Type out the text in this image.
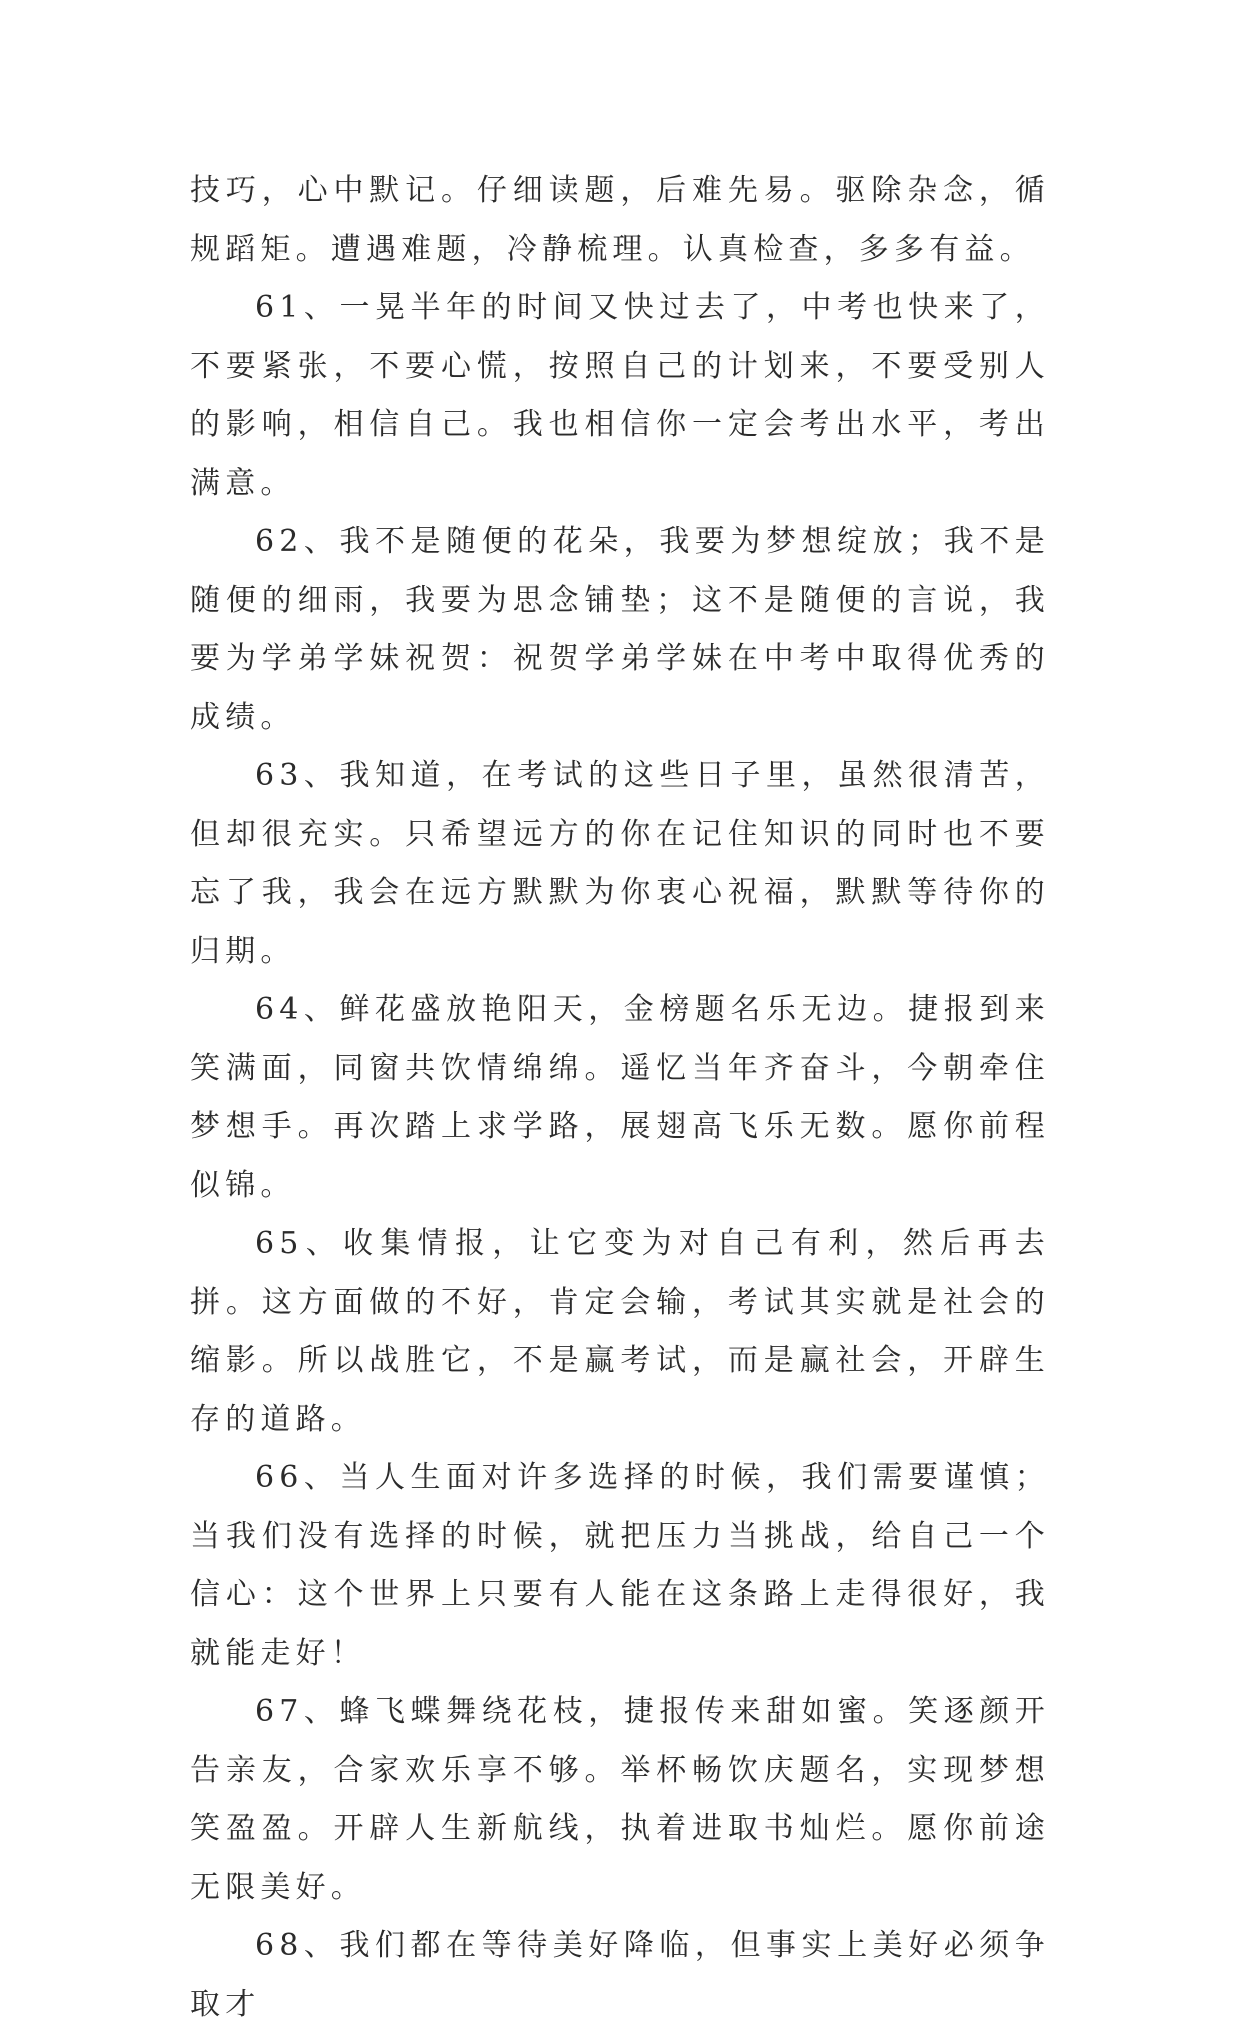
技巧，心中默记。仔细读题，后难先易。驱除杂念，循规蹈矩。遭遇难题，冷静梳理。认真检查，多多有益。

61、一晃半年的时间又快过去了，中考也快来了，不要紧张，不要心慌，按照自己的计划来，不要受别人的影响，相信自己。我也相信你一定会考出水平，考出满意。

62、我不是随便的花朵，我要为梦想绽放；我不是随便的细雨，我要为思念铺垫；这不是随便的言说，我要为学弟学妹祝贺：祝贺学弟学妹在中考中取得优秀的成绩。

63、我知道，在考试的这些日子里，虽然很清苦，但却很充实。只希望远方的你在记住知识的同时也不要忘了我，我会在远方默默为你衷心祝福，默默等待你的归期。

64、鲜花盛放艳阳天，金榜题名乐无边。捷报到来笑满面，同窗共饮情绵绵。遥忆当年齐奋斗，今朝牵住梦想手。再次踏上求学路，展翅高飞乐无数。愿你前程似锦。

65、收集情报，让它变为对自己有利，然后再去拼。这方面做的不好，肯定会输，考试其实就是社会的缩影。所以战胜它，不是赢考试，而是赢社会，开辟生存的道路。

66、当人生面对许多选择的时候，我们需要谨慎；当我们没有选择的时候，就把压力当挑战，给自己一个信心：这个世界上只要有人能在这条路上走得很好，我就能走好！

67、蜂飞蝶舞绕花枝，捷报传来甜如蜜。笑逐颜开告亲友，合家欢乐享不够。举杯畅饮庆题名，实现梦想笑盈盈。开辟人生新航线，执着进取书灿烂。愿你前途无限美好。

68、我们都在等待美好降临，但事实上美好必须争取才
